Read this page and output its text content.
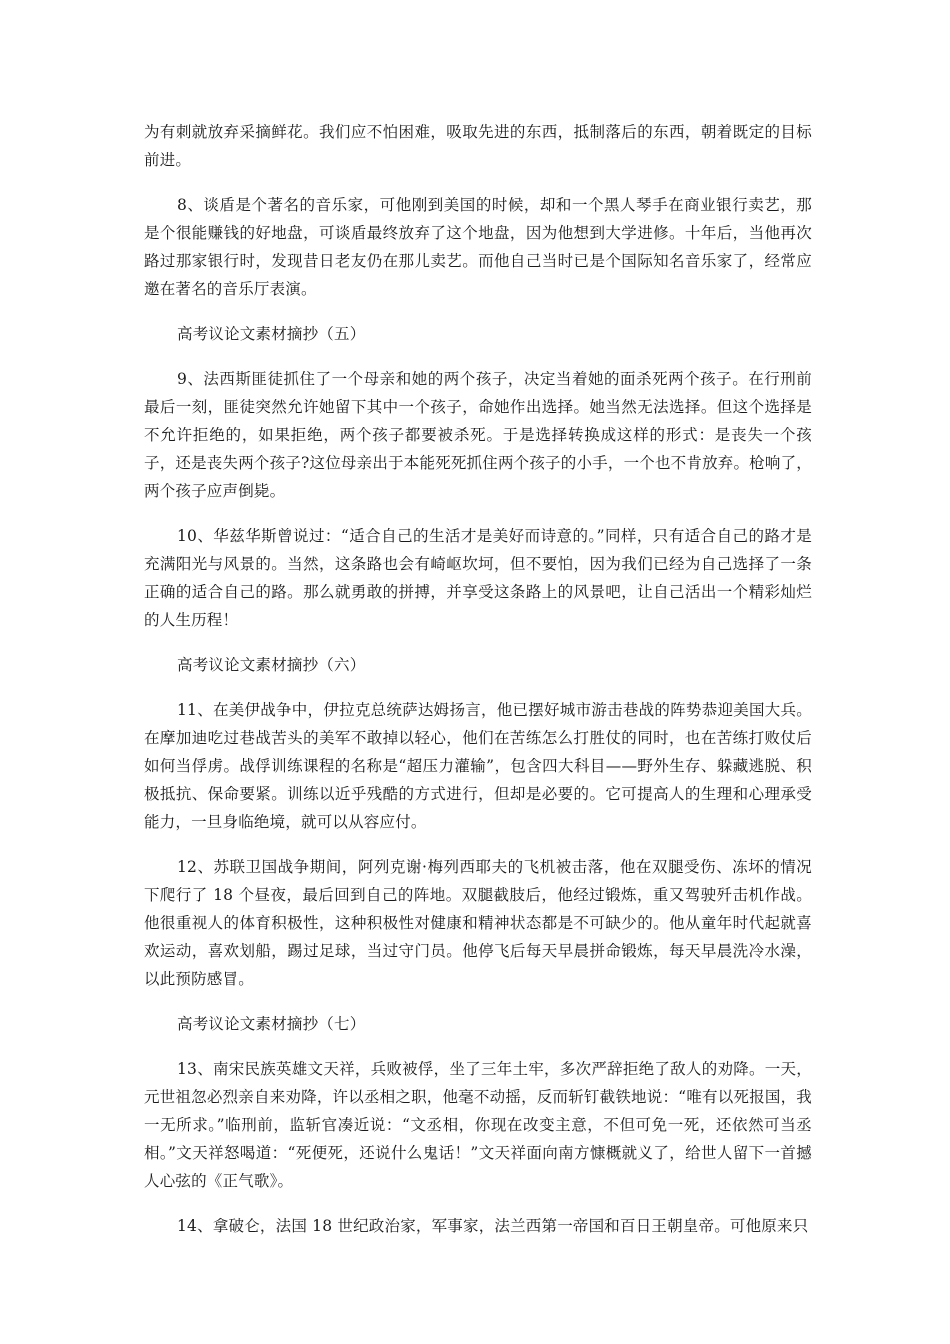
为有刺就放弃采摘鲜花。我们应不怕困难，吸取先进的东西，抵制落后的东西，朝着既定的目标前进。

8、谈盾是个著名的音乐家，可他刚到美国的时候，却和一个黑人琴手在商业银行卖艺，那是个很能赚钱的好地盘，可谈盾最终放弃了这个地盘，因为他想到大学进修。十年后，当他再次路过那家银行时，发现昔日老友仍在那儿卖艺。而他自己当时已是个国际知名音乐家了，经常应邀在著名的音乐厅表演。

高考议论文素材摘抄（五）

9、法西斯匪徒抓住了一个母亲和她的两个孩子，决定当着她的面杀死两个孩子。在行刑前最后一刻，匪徒突然允许她留下其中一个孩子，命她作出选择。她当然无法选择。但这个选择是不允许拒绝的，如果拒绝，两个孩子都要被杀死。于是选择转换成这样的形式：是丧失一个孩子，还是丧失两个孩子?这位母亲出于本能死死抓住两个孩子的小手，一个也不肯放弃。枪响了，两个孩子应声倒毙。

10、华兹华斯曾说过：“适合自己的生活才是美好而诗意的。”同样，只有适合自己的路才是充满阳光与风景的。当然，这条路也会有崎岖坎坷，但不要怕，因为我们已经为自己选择了一条正确的适合自己的路。那么就勇敢的拼搏，并享受这条路上的风景吧，让自己活出一个精彩灿烂的人生历程！

高考议论文素材摘抄（六）

11、在美伊战争中，伊拉克总统萨达姆扬言，他已摆好城市游击巷战的阵势恭迎美国大兵。在摩加迪吃过巷战苦头的美军不敢掉以轻心，他们在苦练怎么打胜仗的同时，也在苦练打败仗后如何当俘虏。战俘训练课程的名称是“超压力灌输”，包含四大科目——野外生存、躲藏逃脱、积极抵抗、保命要紧。训练以近乎残酷的方式进行，但却是必要的。它可提高人的生理和心理承受能力，一旦身临绝境，就可以从容应付。

12、苏联卫国战争期间，阿列克谢·梅列西耶夫的飞机被击落，他在双腿受伤、冻坏的情况下爬行了 18 个昼夜，最后回到自己的阵地。双腿截肢后，他经过锻炼，重又驾驶歼击机作战。他很重视人的体育积极性，这种积极性对健康和精神状态都是不可缺少的。他从童年时代起就喜欢运动，喜欢划船，踢过足球，当过守门员。他停飞后每天早晨拼命锻炼，每天早晨洗冷水澡，以此预防感冒。

高考议论文素材摘抄（七）

13、南宋民族英雄文天祥，兵败被俘，坐了三年土牢，多次严辞拒绝了敌人的劝降。一天，元世祖忽必烈亲自来劝降，许以丞相之职，他毫不动摇，反而斩钉截铁地说：“唯有以死报国，我一无所求。”临刑前，监斩官凑近说：“文丞相，你现在改变主意，不但可免一死，还依然可当丞相。”文天祥怒喝道：“死便死，还说什么鬼话！”文天祥面向南方慷概就义了，给世人留下一首撼人心弦的《正气歌》。

14、拿破仑，法国 18 世纪政治家，军事家，法兰西第一帝国和百日王朝皇帝。可他原来只
